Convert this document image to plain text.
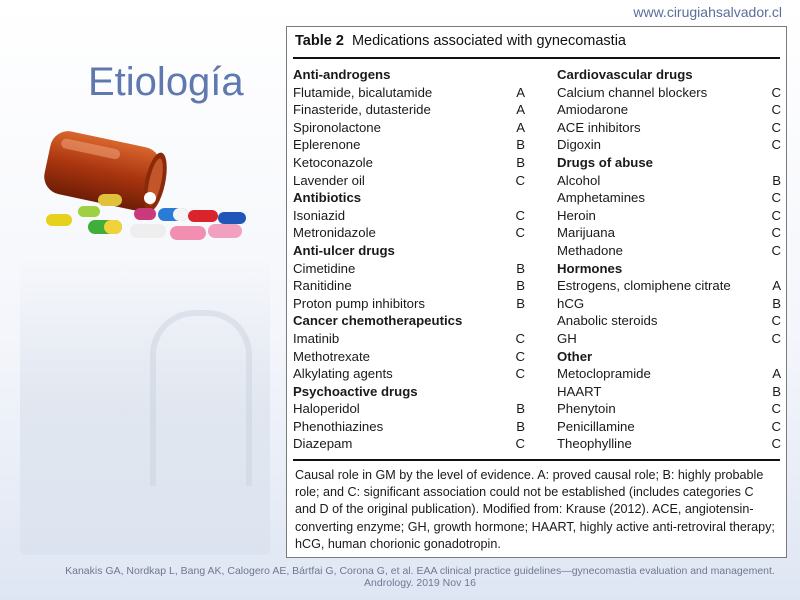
www.cirugiahsalvador.cl
Etiología
Table 2 Medications associated with gynecomastia
Anti-androgens
Flutamide, bicalutamide	A
Finasteride, dutasteride	A
Spironolactone	A
Eplerenone	B
Ketoconazole	B
Lavender oil	C
Antibiotics
Isoniazid	C
Metronidazole	C
Anti-ulcer drugs
Cimetidine	B
Ranitidine	B
Proton pump inhibitors	B
Cancer chemotherapeutics
Imatinib	C
Methotrexate	C
Alkylating agents	C
Psychoactive drugs
Haloperidol	B
Phenothiazines	B
Diazepam	C
Cardiovascular drugs
Calcium channel blockers	C
Amiodarone	C
ACE inhibitors	C
Digoxin	C
Drugs of abuse
Alcohol	B
Amphetamines	C
Heroin	C
Marijuana	C
Methadone	C
Hormones
Estrogens, clomiphene citrate	A
hCG	B
Anabolic steroids	C
GH	C
Other
Metoclopramide	A
HAART	B
Phenytoin	C
Penicillamine	C
Theophylline	C

Causal role in GM by the level of evidence. A: proved causal role; B: highly probable role; and C: significant association could not be established (includes categories C and D of the original publication). Modified from: Krause (2012). ACE, angiotensin-converting enzyme; GH, growth hormone; HAART, highly active anti-retroviral therapy; hCG, human chorionic gonadotropin.

Kanakis GA, Nordkap L, Bang AK, Calogero AE, Bártfai G, Corona G, et al. EAA clinical practice guidelines—gynecomastia evaluation and management. Andrology. 2019 Nov 16
